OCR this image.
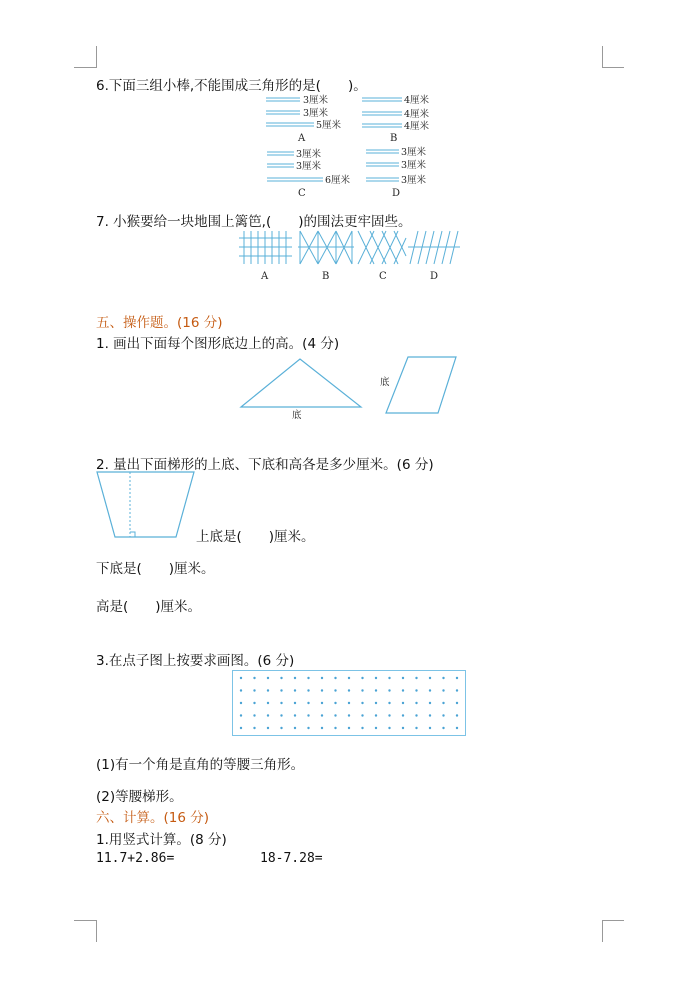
6.下面三组小棒,不能围成三角形的是(　　)。
3厘米
3厘米
5厘米
A
4厘米
4厘米
4厘米
B
3厘米
3厘米
6厘米
C
3厘米
3厘米
3厘米
D
7. 小猴要给一块地围上篱笆,(　　)的围法更牢固些。
A	B	C	D
五、操作题。(16 分)
1. 画出下面每个图形底边上的高。(4 分)
底
底
2. 量出下面梯形的上底、下底和高各是多少厘米。(6 分)
上底是(　　)厘米。
下底是(　　)厘米。
高是(　　)厘米。
3.在点子图上按要求画图。(6 分)
(1)有一个角是直角的等腰三角形。
(2)等腰梯形。
六、计算。(16 分)
1.用竖式计算。(8 分)
11.7+2.86=	18-7.28=
